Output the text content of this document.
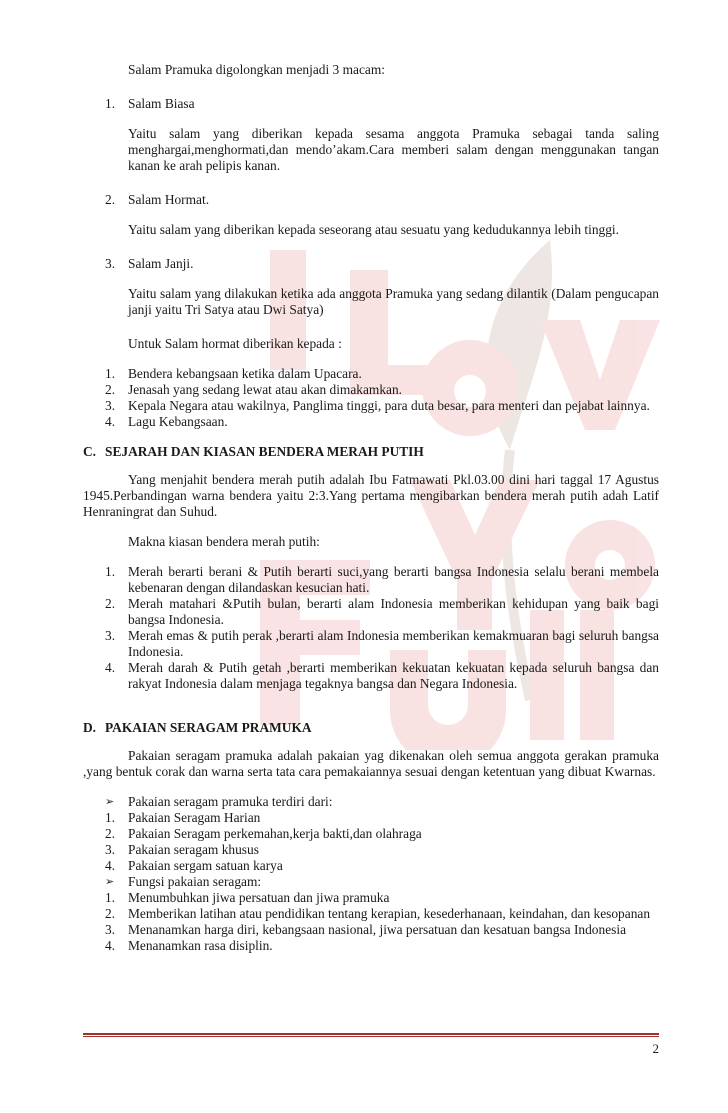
Salam Pramuka digolongkan menjadi 3 macam:

1. Salam Biasa

Yaitu salam yang diberikan kepada sesama anggota Pramuka sebagai tanda saling menghargai,menghormati,dan mendo’akam.Cara memberi salam dengan menggunakan tangan kanan ke arah pelipis kanan.

2. Salam Hormat.

Yaitu salam yang diberikan kepada seseorang atau sesuatu yang kedudukannya lebih tinggi.

3. Salam Janji.

Yaitu salam yang dilakukan ketika ada anggota Pramuka yang sedang dilantik (Dalam pengucapan janji yaitu Tri Satya atau Dwi Satya)

Untuk Salam hormat diberikan kepada :

1. Bendera kebangsaan ketika dalam Upacara.
2. Jenasah yang sedang lewat atau akan dimakamkan.
3. Kepala Negara atau wakilnya, Panglima tinggi, para duta besar, para menteri dan pejabat lainnya.
4. Lagu Kebangsaan.
C. SEJARAH DAN KIASAN BENDERA MERAH PUTIH

Yang menjahit bendera merah putih adalah Ibu Fatmawati Pkl.03.00 dini hari taggal 17 Agustus 1945.Perbandingan warna bendera yaitu 2:3.Yang pertama mengibarkan bendera merah putih adah Latif Henraningrat dan Suhud.

Makna kiasan bendera merah putih:

1. Merah berarti berani & Putih berarti suci,yang berarti bangsa Indonesia selalu berani membela kebenaran dengan dilandaskan kesucian hati.
2. Merah matahari &Putih bulan, berarti alam Indonesia memberikan kehidupan yang baik bagi bangsa Indonesia.
3. Merah emas & putih perak ,berarti alam Indonesia memberikan kemakmuaran bagi seluruh bangsa Indonesia.
4. Merah darah & Putih getah ,berarti memberikan kekuatan kekuatan kepada seluruh bangsa dan rakyat Indonesia dalam menjaga tegaknya bangsa dan Negara Indonesia.
D. PAKAIAN SERAGAM PRAMUKA

Pakaian seragam pramuka adalah pakaian yag dikenakan oleh semua anggota gerakan pramuka ,yang bentuk corak dan warna serta tata cara pemakaiannya sesuai dengan ketentuan yang dibuat Kwarnas.

➢ Pakaian seragam pramuka terdiri dari:
1. Pakaian Seragam Harian
2. Pakaian Seragam perkemahan,kerja bakti,dan olahraga
3. Pakaian seragam khusus
4. Pakaian sergam satuan karya
➢ Fungsi pakaian seragam:
1. Menumbuhkan jiwa persatuan dan jiwa pramuka
2. Memberikan latihan atau pendidikan tentang kerapian, kesederhanaan, keindahan, dan kesopanan
3. Menanamkan harga diri, kebangsaan nasional, jiwa persatuan dan kesatuan bangsa Indonesia
4. Menanamkan rasa disiplin.
2
